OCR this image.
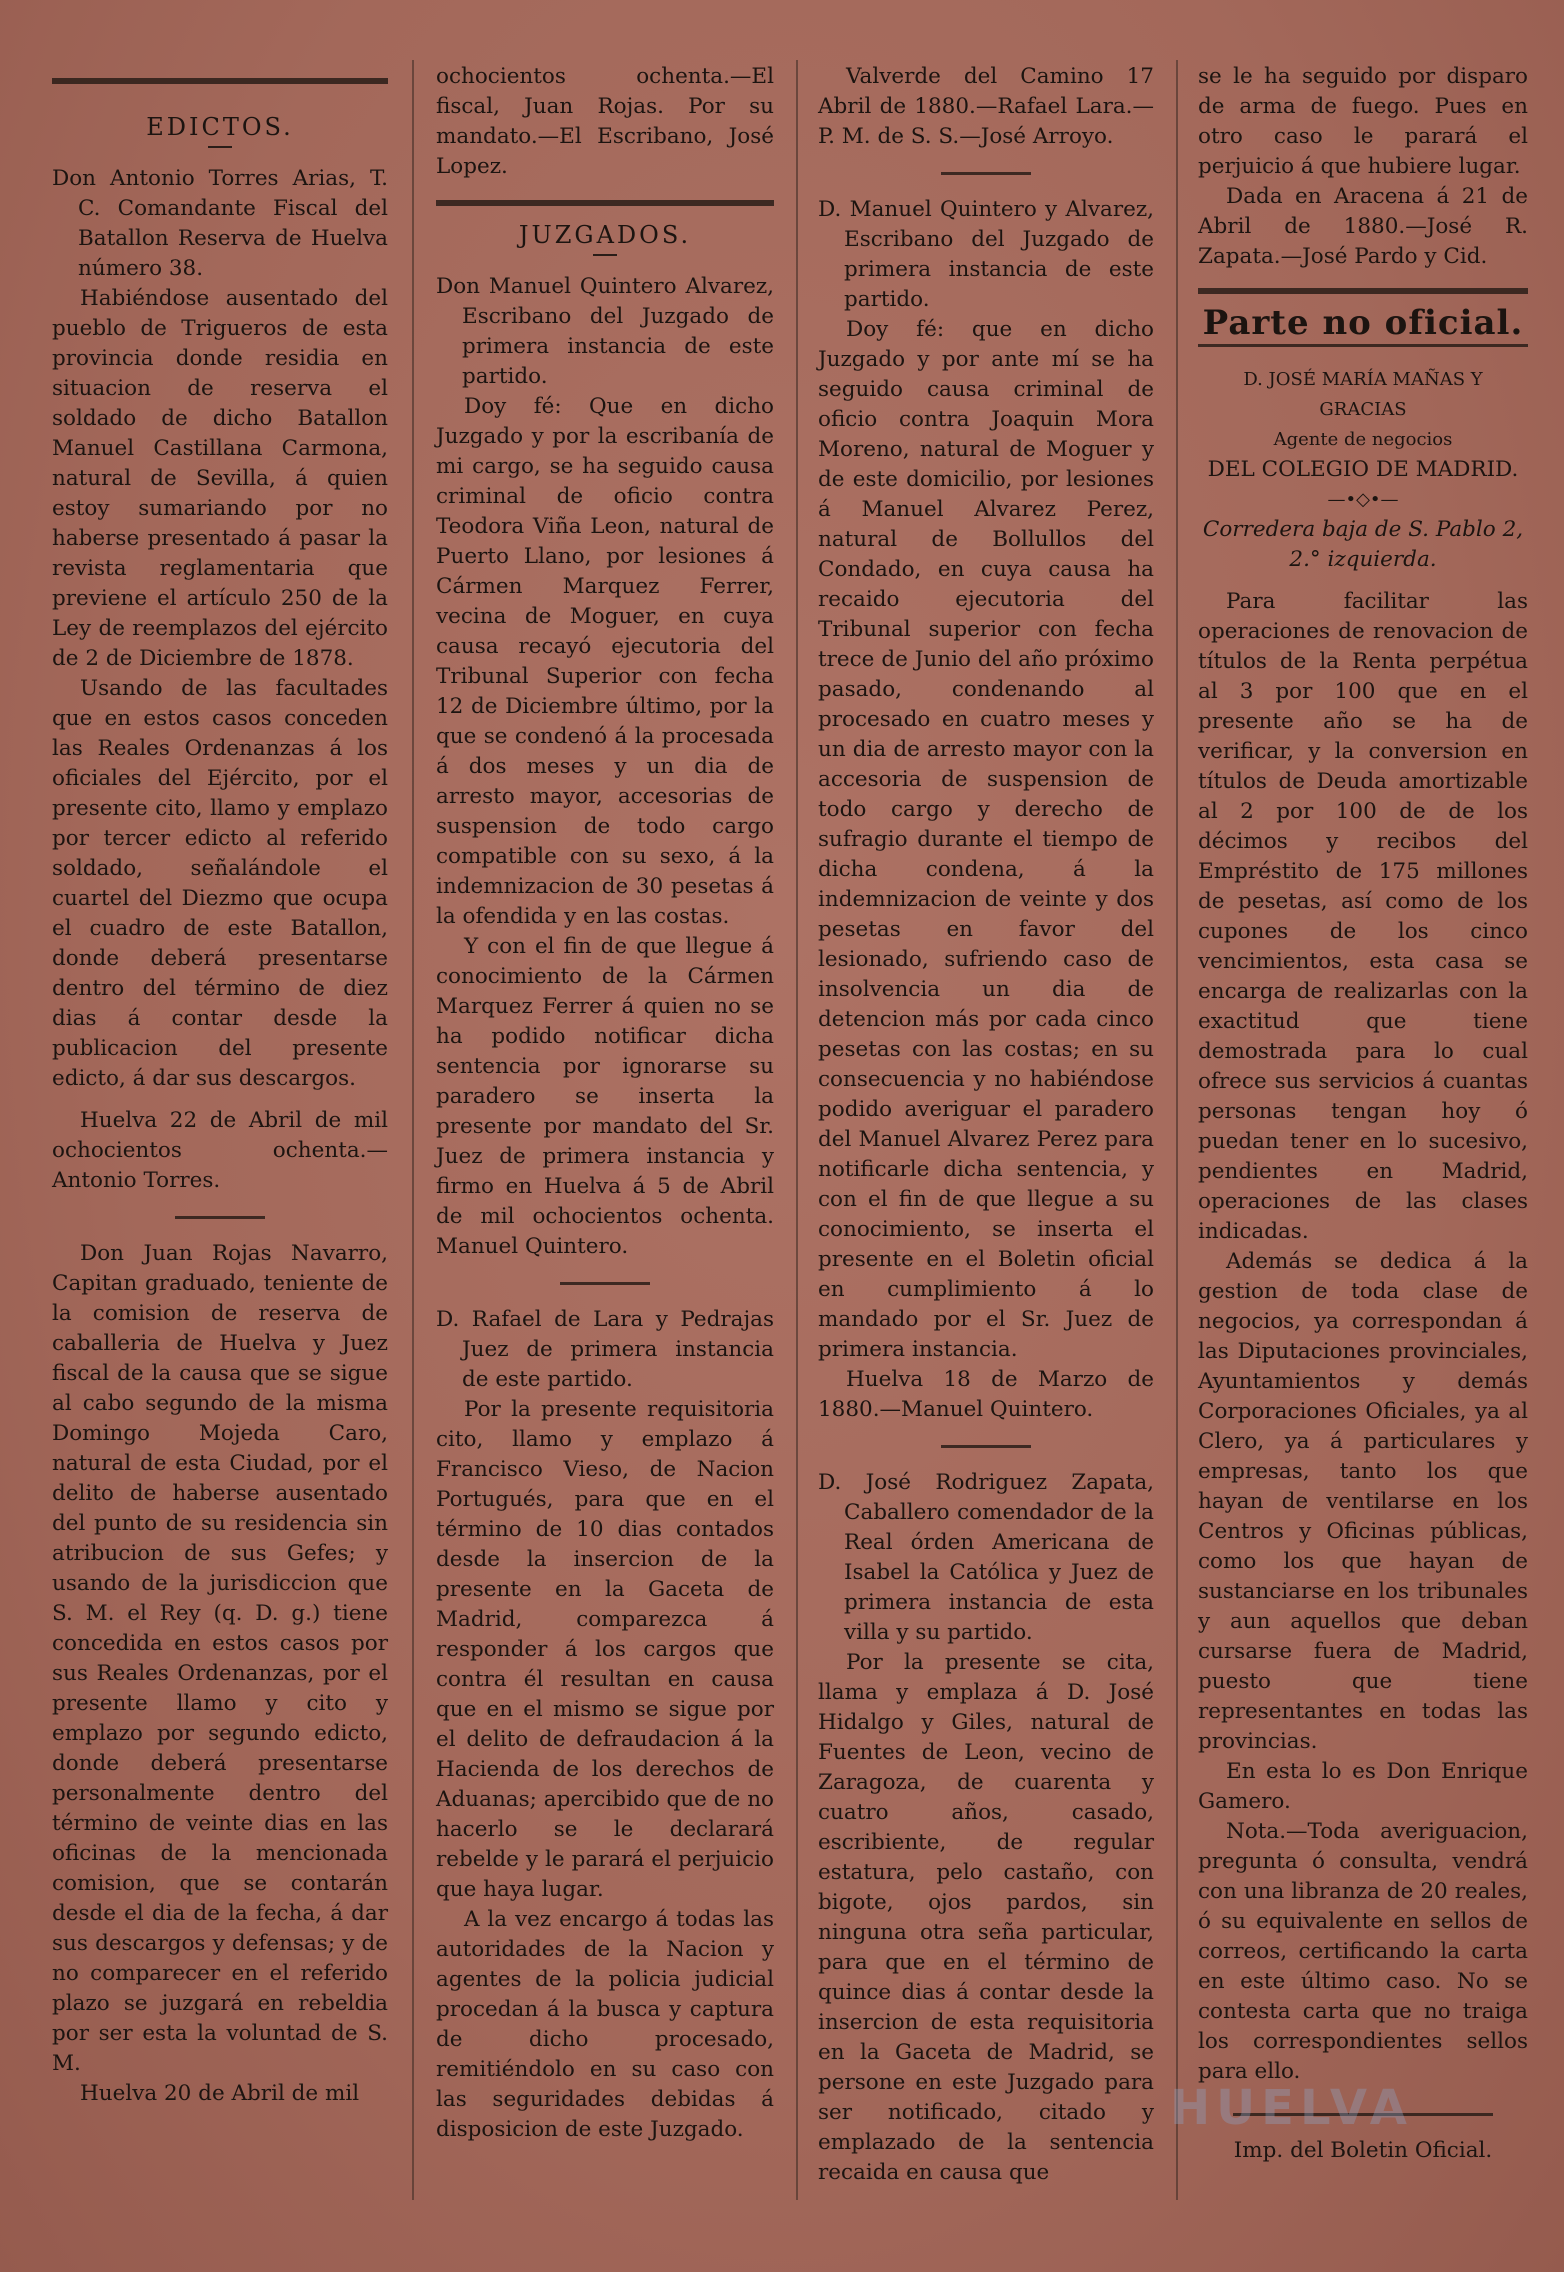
EDICTOS.

Don Antonio Torres Arias, T. C. Comandante Fiscal del Batallon Reserva de Huelva número 38.

Habiéndose ausentado del pueblo de Trigueros de esta provincia donde residia en situacion de reserva el soldado de dicho Batallon Manuel Castillana Carmona, natural de Sevilla, á quien estoy sumariando por no haberse presentado á pasar la revista reglamentaria que previene el artículo 250 de la Ley de reemplazos del ejército de 2 de Diciembre de 1878.

Usando de las facultades que en estos casos conceden las Reales Ordenanzas á los oficiales del Ejército, por el presente cito, llamo y emplazo por tercer edicto al referido soldado, señalándole el cuartel del Diezmo que ocupa el cuadro de este Batallon, donde deberá presentarse dentro del término de diez dias á contar desde la publicacion del presente edicto, á dar sus descargos.

Huelva 22 de Abril de mil ochocientos ochenta.—Antonio Torres.

Don Juan Rojas Navarro, Capitan graduado, teniente de la comision de reserva de caballeria de Huelva y Juez fiscal de la causa que se sigue al cabo segundo de la misma Domingo Mojeda Caro, natural de esta Ciudad, por el delito de haberse ausentado del punto de su residencia sin atribucion de sus Gefes; y usando de la jurisdiccion que S. M. el Rey (q. D. g.) tiene concedida en estos casos por sus Reales Ordenanzas, por el presente llamo y cito y emplazo por segundo edicto, donde deberá presentarse personalmente dentro del término de veinte dias en las oficinas de la mencionada comision, que se contarán desde el dia de la fecha, á dar sus descargos y defensas; y de no comparecer en el referido plazo se juzgará en rebeldia por ser esta la voluntad de S. M.

Huelva 20 de Abril de mil

ochocientos ochenta.—El fiscal, Juan Rojas. Por su mandato.—El Escribano, José Lopez.

JUZGADOS.

Don Manuel Quintero Alvarez, Escribano del Juzgado de primera instancia de este partido.

Doy fé: Que en dicho Juzgado y por la escribanía de mi cargo, se ha seguido causa criminal de oficio contra Teodora Viña Leon, natural de Puerto Llano, por lesiones á Cármen Marquez Ferrer, vecina de Moguer, en cuya causa recayó ejecutoria del Tribunal Superior con fecha 12 de Diciembre último, por la que se condenó á la procesada á dos meses y un dia de arresto mayor, accesorias de suspension de todo cargo compatible con su sexo, á la indemnizacion de 30 pesetas á la ofendida y en las costas.

Y con el fin de que llegue á conocimiento de la Cármen Marquez Ferrer á quien no se ha podido notificar dicha sentencia por ignorarse su paradero se inserta la presente por mandato del Sr. Juez de primera instancia y firmo en Huelva á 5 de Abril de mil ochocientos ochenta. Manuel Quintero.

D. Rafael de Lara y Pedrajas Juez de primera instancia de este partido.

Por la presente requisitoria cito, llamo y emplazo á Francisco Vieso, de Nacion Portugués, para que en el término de 10 dias contados desde la insercion de la presente en la Gaceta de Madrid, comparezca á responder á los cargos que contra él resultan en causa que en el mismo se sigue por el delito de defraudacion á la Hacienda de los derechos de Aduanas; apercibido que de no hacerlo se le declarará rebelde y le parará el perjuicio que haya lugar.

A la vez encargo á todas las autoridades de la Nacion y agentes de la policia judicial procedan á la busca y captura de dicho procesado, remitiéndolo en su caso con las seguridades debidas á disposicion de este Juzgado.

Valverde del Camino 17 Abril de 1880.—Rafael Lara.—P. M. de S. S.—José Arroyo.

D. Manuel Quintero y Alvarez, Escribano del Juzgado de primera instancia de este partido.

Doy fé: que en dicho Juzgado y por ante mí se ha seguido causa criminal de oficio contra Joaquin Mora Moreno, natural de Moguer y de este domicilio, por lesiones á Manuel Alvarez Perez, natural de Bollullos del Condado, en cuya causa ha recaido ejecutoria del Tribunal superior con fecha trece de Junio del año próximo pasado, condenando al procesado en cuatro meses y un dia de arresto mayor con la accesoria de suspension de todo cargo y derecho de sufragio durante el tiempo de dicha condena, á la indemnizacion de veinte y dos pesetas en favor del lesionado, sufriendo caso de insolvencia un dia de detencion más por cada cinco pesetas con las costas; en su consecuencia y no habiéndose podido averiguar el paradero del Manuel Alvarez Perez para notificarle dicha sentencia, y con el fin de que llegue a su conocimiento, se inserta el presente en el Boletin oficial en cumplimiento á lo mandado por el Sr. Juez de primera instancia.

Huelva 18 de Marzo de 1880.—Manuel Quintero.

D. José Rodriguez Zapata, Caballero comendador de la Real órden Americana de Isabel la Católica y Juez de primera instancia de esta villa y su partido.

Por la presente se cita, llama y emplaza á D. José Hidalgo y Giles, natural de Fuentes de Leon, vecino de Zaragoza, de cuarenta y cuatro años, casado, escribiente, de regular estatura, pelo castaño, con bigote, ojos pardos, sin ninguna otra seña particular, para que en el término de quince dias á contar desde la insercion de esta requisitoria en la Gaceta de Madrid, se persone en este Juzgado para ser notificado, citado y emplazado de la sentencia recaida en causa que

se le ha seguido por disparo de arma de fuego. Pues en otro caso le parará el perjuicio á que hubiere lugar.

Dada en Aracena á 21 de Abril de 1880.—José R. Zapata.—José Pardo y Cid.

Parte no oficial.

D. JOSÉ MARÍA MAÑAS Y GRACIAS

Agente de negocios

DEL COLEGIO DE MADRID.

—•◇•—

Corredera baja de S. Pablo 2, 2.° izquierda.

Para facilitar las operaciones de renovacion de títulos de la Renta perpétua al 3 por 100 que en el presente año se ha de verificar, y la conversion en títulos de Deuda amortizable al 2 por 100 de de los décimos y recibos del Empréstito de 175 millones de pesetas, así como de los cupones de los cinco vencimientos, esta casa se encarga de realizarlas con la exactitud que tiene demostrada para lo cual ofrece sus servicios á cuantas personas tengan hoy ó puedan tener en lo sucesivo, pendientes en Madrid, operaciones de las clases indicadas.

Además se dedica á la gestion de toda clase de negocios, ya correspondan á las Diputaciones provinciales, Ayuntamientos y demás Corporaciones Oficiales, ya al Clero, ya á particulares y empresas, tanto los que hayan de ventilarse en los Centros y Oficinas públicas, como los que hayan de sustanciarse en los tribunales y aun aquellos que deban cursarse fuera de Madrid, puesto que tiene representantes en todas las provincias.

En esta lo es Don Enrique Gamero.

Nota.—Toda averiguacion, pregunta ó consulta, vendrá con una libranza de 20 reales, ó su equivalente en sellos de correos, certificando la carta en este último caso. No se contesta carta que no traiga los correspondientes sellos para ello.

Imp. del Boletin Oficial.

HUELVA
